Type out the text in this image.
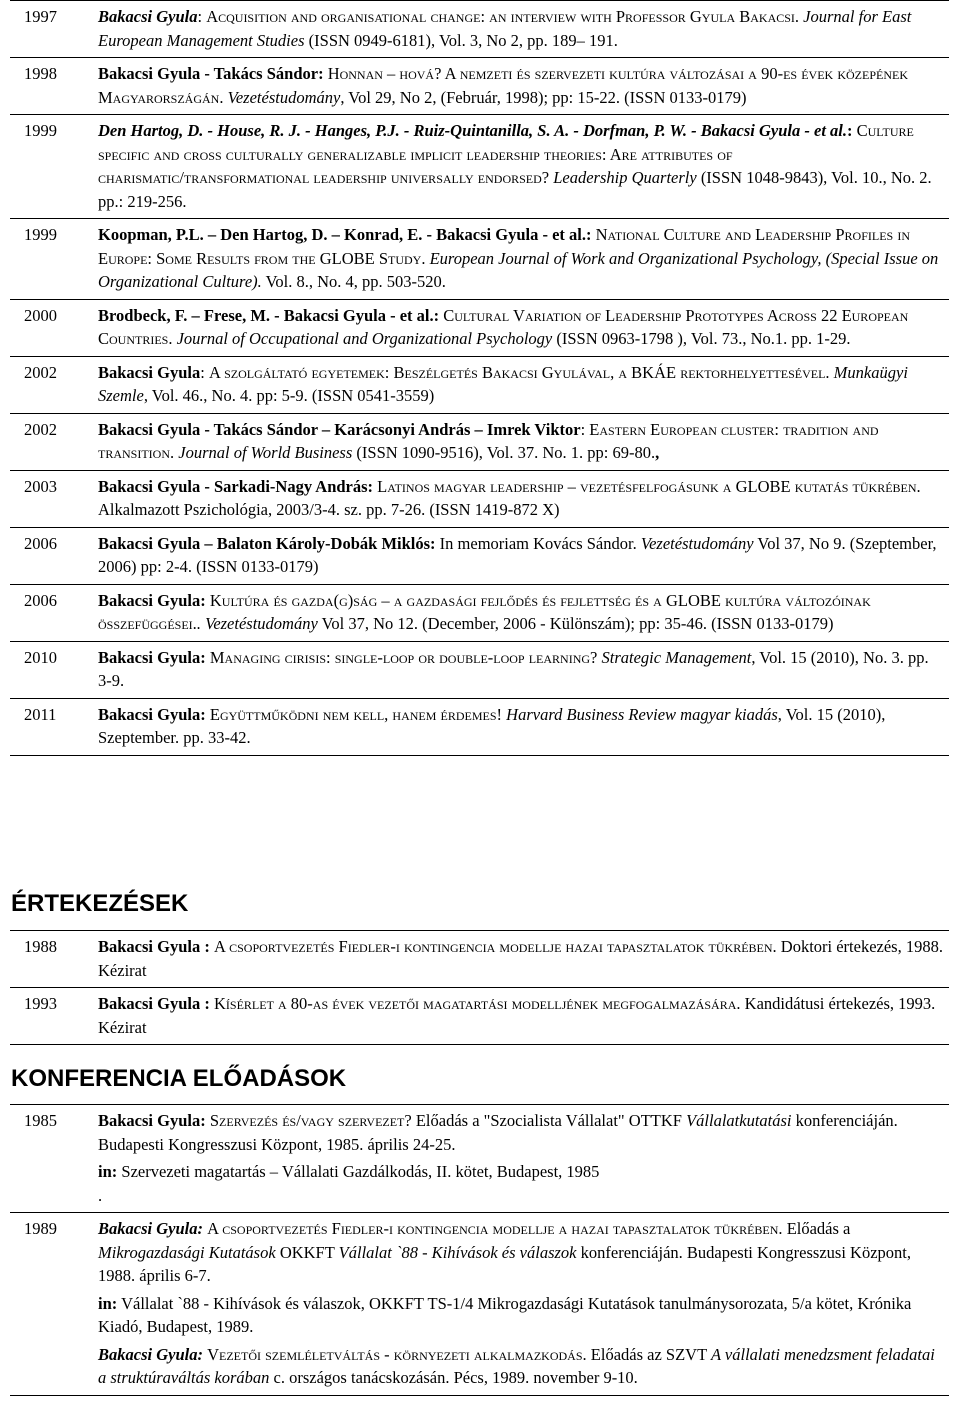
1997	Bakacsi Gyula: Acquisition and organisational change: an interview with Professor Gyula Bakacsi. Journal for East European Management Studies (ISSN 0949-6181), Vol. 3, No 2, pp. 189– 191.
1998	Bakacsi Gyula - Takács Sándor: Honnan – hová? A nemzeti és szervezeti kultúra változásai a 90-es évek közepének Magyarországán. Vezetéstudomány, Vol 29, No 2, (Február, 1998); pp: 15-22. (ISSN 0133-0179)
1999	Den Hartog, D. - House, R. J. - Hanges, P.J. - Ruiz-Quintanilla, S. A. - Dorfman, P. W. - Bakacsi Gyula - et al.: Culture specific and cross culturally generalizable implicit leadership theories: Are attributes of charismatic/transformational leadership universally endorsed? Leadership Quarterly (ISSN 1048-9843), Vol. 10., No. 2. pp.: 219-256.
1999	Koopman, P.L. – Den Hartog, D. – Konrad, E. - Bakacsi Gyula - et al.: National Culture and Leadership Profiles in Europe: Some Results from the GLOBE Study. European Journal of Work and Organizational Psychology, (Special Issue on Organizational Culture). Vol. 8., No. 4, pp. 503-520.
2000	Brodbeck, F. – Frese, M. - Bakacsi Gyula - et al.: Cultural Variation of Leadership Prototypes Across 22 European Countries. Journal of Occupational and Organizational Psychology (ISSN 0963-1798 ), Vol. 73., No.1. pp. 1-29.
2002	Bakacsi Gyula: A szolgáltató egyetemek: Beszélgetés Bakacsi Gyulával, a BKÁE rektorhelyettesével. Munkaügyi Szemle, Vol. 46., No. 4. pp: 5-9. (ISSN 0541-3559)
2002	Bakacsi Gyula - Takács Sándor – Karácsonyi András – Imrek Viktor: Eastern European cluster: tradition and transition. Journal of World Business (ISSN 1090-9516), Vol. 37. No. 1. pp: 69-80.,
2003	Bakacsi Gyula - Sarkadi-Nagy András: Latinos magyar leadership – vezetésfelfogásunk a GLOBE kutatás tükrében. Alkalmazott Pszichológia, 2003/3-4. sz. pp. 7-26. (ISSN 1419-872 X)
2006	Bakacsi Gyula – Balaton Károly-Dobák Miklós: In memoriam Kovács Sándor. Vezetéstudomány Vol 37, No 9. (Szeptember, 2006) pp: 2-4. (ISSN 0133-0179)
2006	Bakacsi Gyula: Kultúra és gazda(g)ság – a gazdasági fejlődés és fejlettség és a GLOBE kultúra változóinak összefüggései.. Vezetéstudomány Vol 37, No 12. (December, 2006 - Különszám); pp: 35-46. (ISSN 0133-0179)
2010	Bakacsi Gyula: Managing cirisis: single-loop or double-loop learning? Strategic Management, Vol. 15 (2010), No. 3. pp. 3-9.
2011	Bakacsi Gyula: Együttműködni nem kell, hanem érdemes! Harvard Business Review magyar kiadás, Vol. 15 (2010), Szeptember. pp. 33-42.
ÉRTEKEZÉSEK
1988	Bakacsi Gyula : A csoportvezetés Fiedler-i kontingencia modellje hazai tapasztalatok tükrében. Doktori értekezés, 1988. Kézirat
1993	Bakacsi Gyula : Kísérlet a 80-as évek vezetői magatartási modelljének megfogalmazására. Kandidátusi értekezés, 1993. Kézirat
KONFERENCIA ELŐADÁSOK
1985	Bakacsi Gyula: Szervezés és/vagy szervezet? Előadás a "Szocialista Vállalat" OTTKF Vállalatkutatási konferenciáján. Budapesti Kongresszusi Központ, 1985. április 24-25.
in: Szervezeti magatartás – Vállalati Gazdálkodás, II. kötet, Budapest, 1985
.

1989	Bakacsi Gyula: A csoportvezetés Fiedler-i kontingencia modellje a hazai tapasztalatok tükrében. Előadás a Mikrogazdasági Kutatások OKKFT Vállalat `88 - Kihívások és válaszok konferenciáján. Budapesti Kongresszusi Központ, 1988. április 6-7.
in: Vállalat `88 - Kihívások és válaszok, OKKFT TS-1/4 Mikrogazdasági Kutatások tanulmánysorozata, 5/a kötet, Krónika Kiadó, Budapest, 1989.
Bakacsi Gyula: Vezetői szemléletváltás - környezeti alkalmazkodás. Előadás az SZVT A vállalati menedzsment feladatai a struktúraváltás korában c. országos tanácskozásán. Pécs, 1989. november 9-10.
